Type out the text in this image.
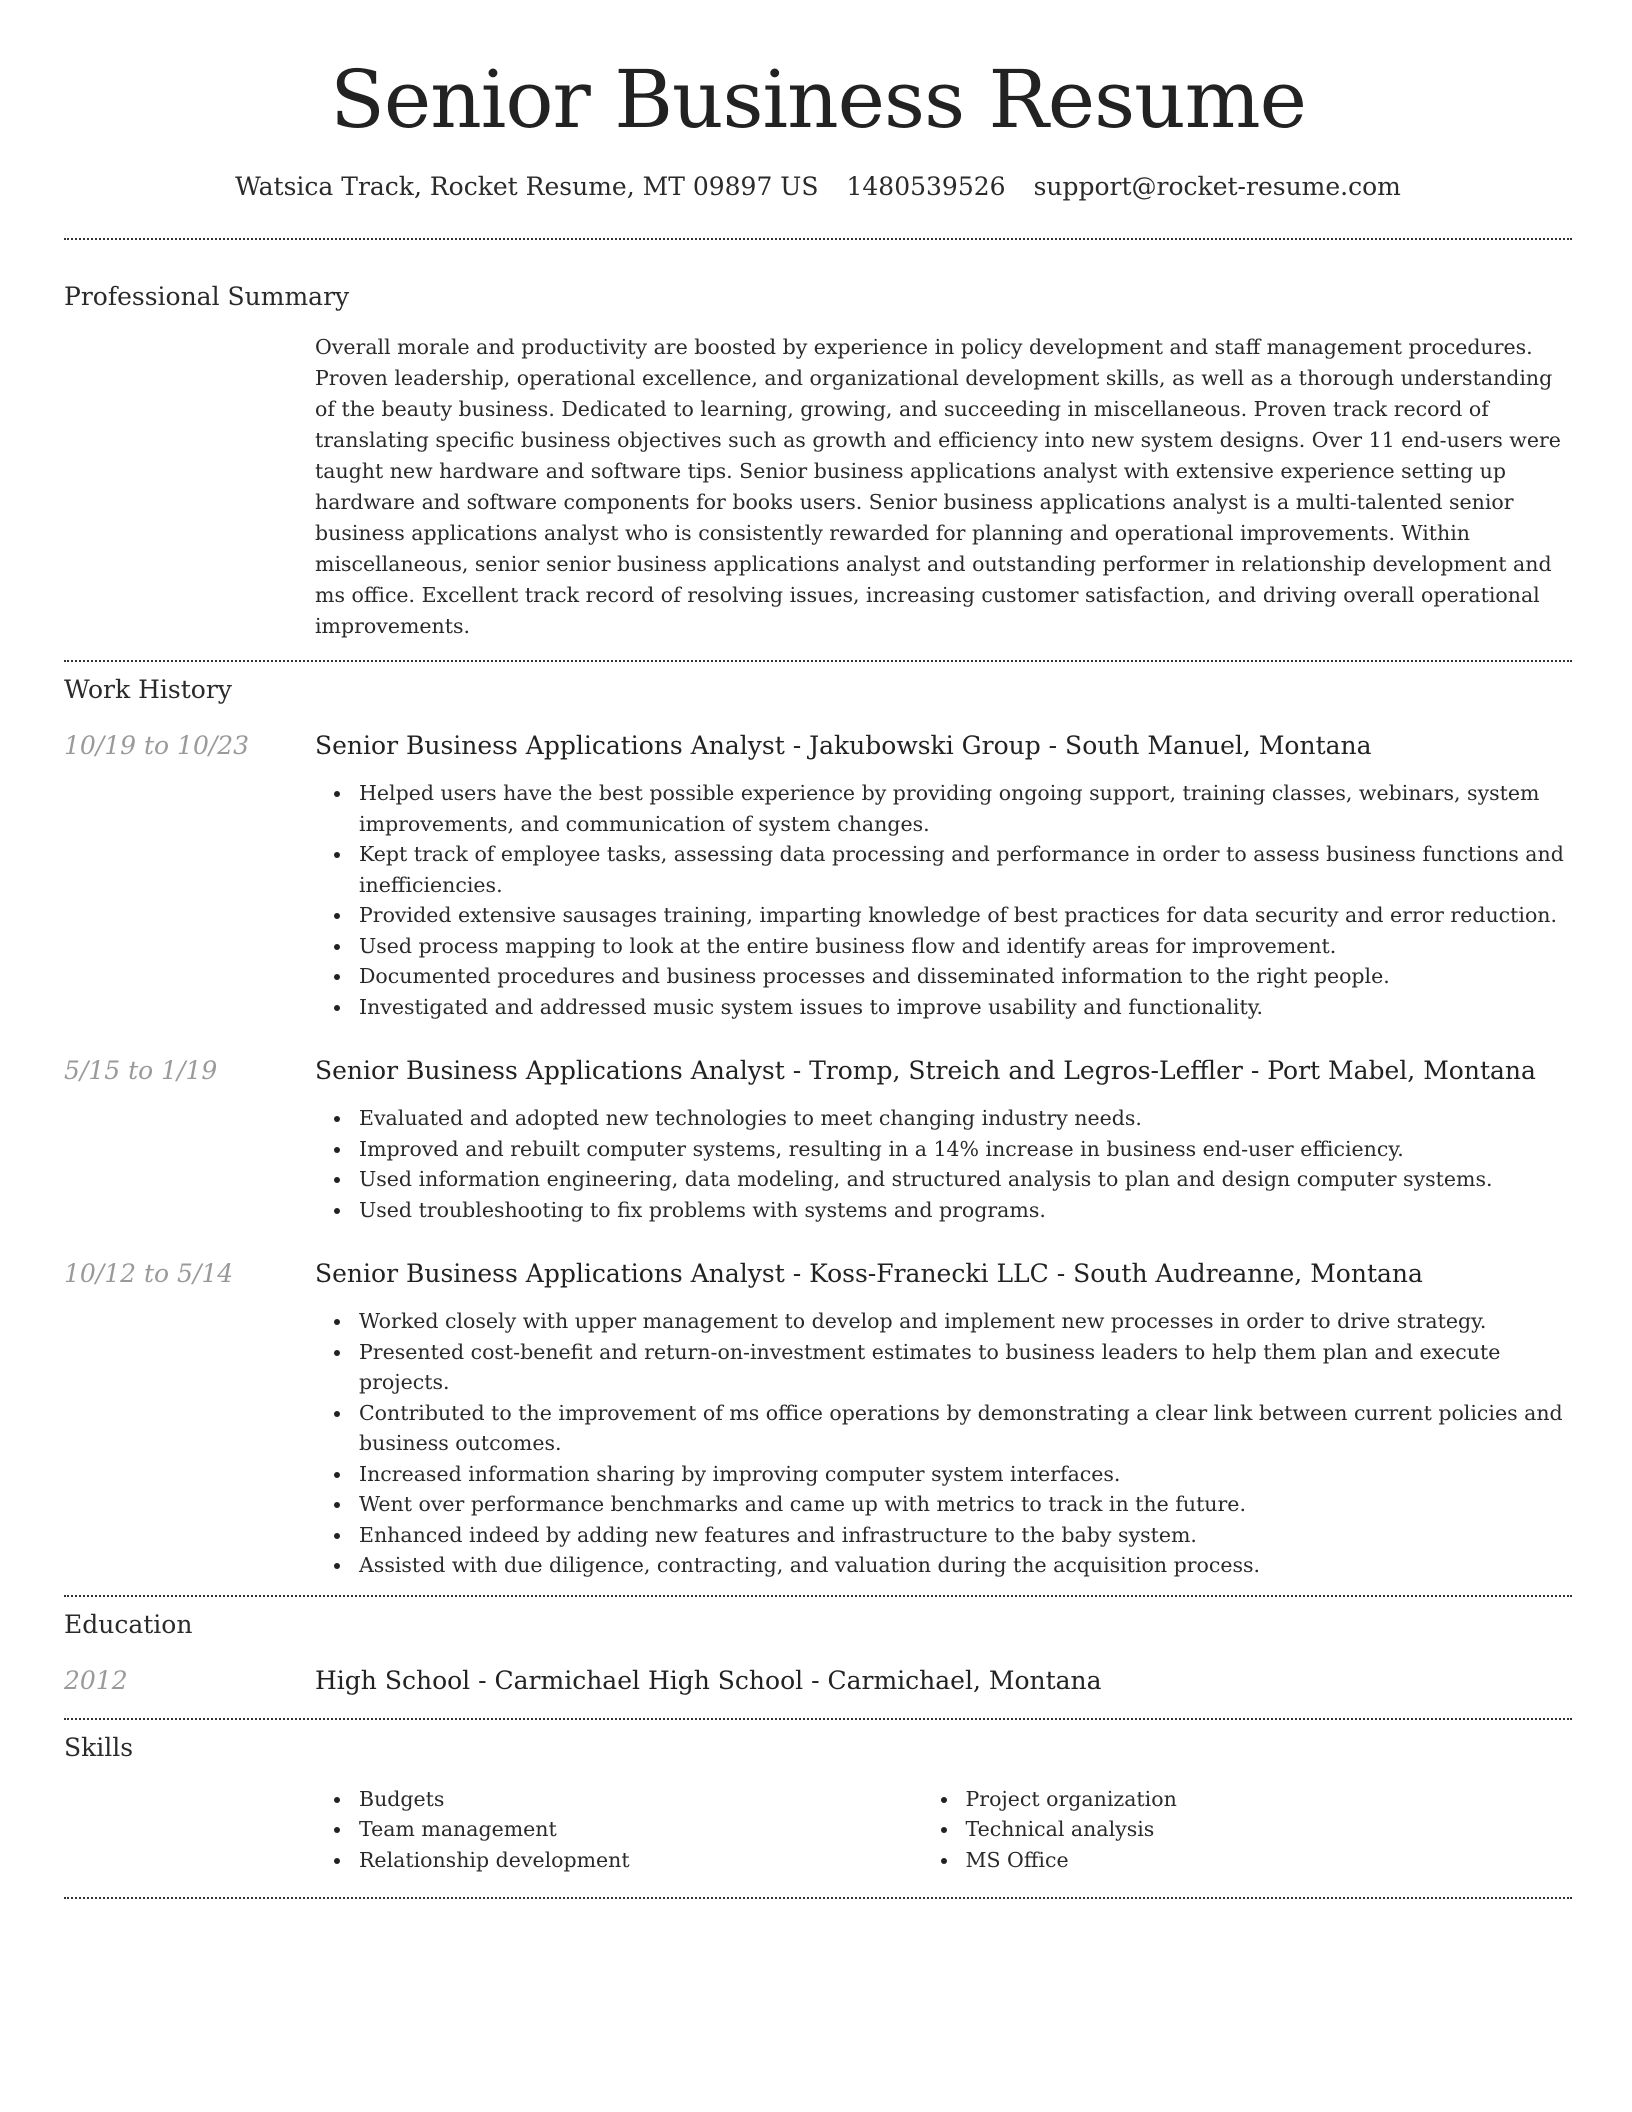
Senior Business Resume
Watsica Track, Rocket Resume, MT 09897 US 1480539526 support@rocket-resume.com
Professional Summary

Overall morale and productivity are boosted by experience in policy development and staff management procedures. Proven leadership, operational excellence, and organizational development skills, as well as a thorough understanding of the beauty business. Dedicated to learning, growing, and succeeding in miscellaneous. Proven track record of translating specific business objectives such as growth and efficiency into new system designs. Over 11 end-users were taught new hardware and software tips. Senior business applications analyst with extensive experience setting up hardware and software components for books users. Senior business applications analyst is a multi-talented senior business applications analyst who is consistently rewarded for planning and operational improvements. Within miscellaneous, senior senior business applications analyst and outstanding performer in relationship development and ms office. Excellent track record of resolving issues, increasing customer satisfaction, and driving overall operational improvements.

Work History
10/19 to 10/23	Senior Business Applications Analyst - Jakubowski Group - South Manuel, Montana
Helped users have the best possible experience by providing ongoing support, training classes, webinars, system improvements, and communication of system changes.
Kept track of employee tasks, assessing data processing and performance in order to assess business functions and inefficiencies.
Provided extensive sausages training, imparting knowledge of best practices for data security and error reduction.
Used process mapping to look at the entire business flow and identify areas for improvement.
Documented procedures and business processes and disseminated information to the right people.
Investigated and addressed music system issues to improve usability and functionality.
5/15 to 1/19	Senior Business Applications Analyst - Tromp, Streich and Legros-Leffler - Port Mabel, Montana
Evaluated and adopted new technologies to meet changing industry needs.
Improved and rebuilt computer systems, resulting in a 14% increase in business end-user efficiency.
Used information engineering, data modeling, and structured analysis to plan and design computer systems.
Used troubleshooting to fix problems with systems and programs.
10/12 to 5/14	Senior Business Applications Analyst - Koss-Franecki LLC - South Audreanne, Montana
Worked closely with upper management to develop and implement new processes in order to drive strategy.
Presented cost-benefit and return-on-investment estimates to business leaders to help them plan and execute projects.
Contributed to the improvement of ms office operations by demonstrating a clear link between current policies and business outcomes.
Increased information sharing by improving computer system interfaces.
Went over performance benchmarks and came up with metrics to track in the future.
Enhanced indeed by adding new features and infrastructure to the baby system.
Assisted with due diligence, contracting, and valuation during the acquisition process.
Education
2012	High School - Carmichael High School - Carmichael, Montana
Skills
Budgets
Team management
Relationship development
Project organization
Technical analysis
MS Office
